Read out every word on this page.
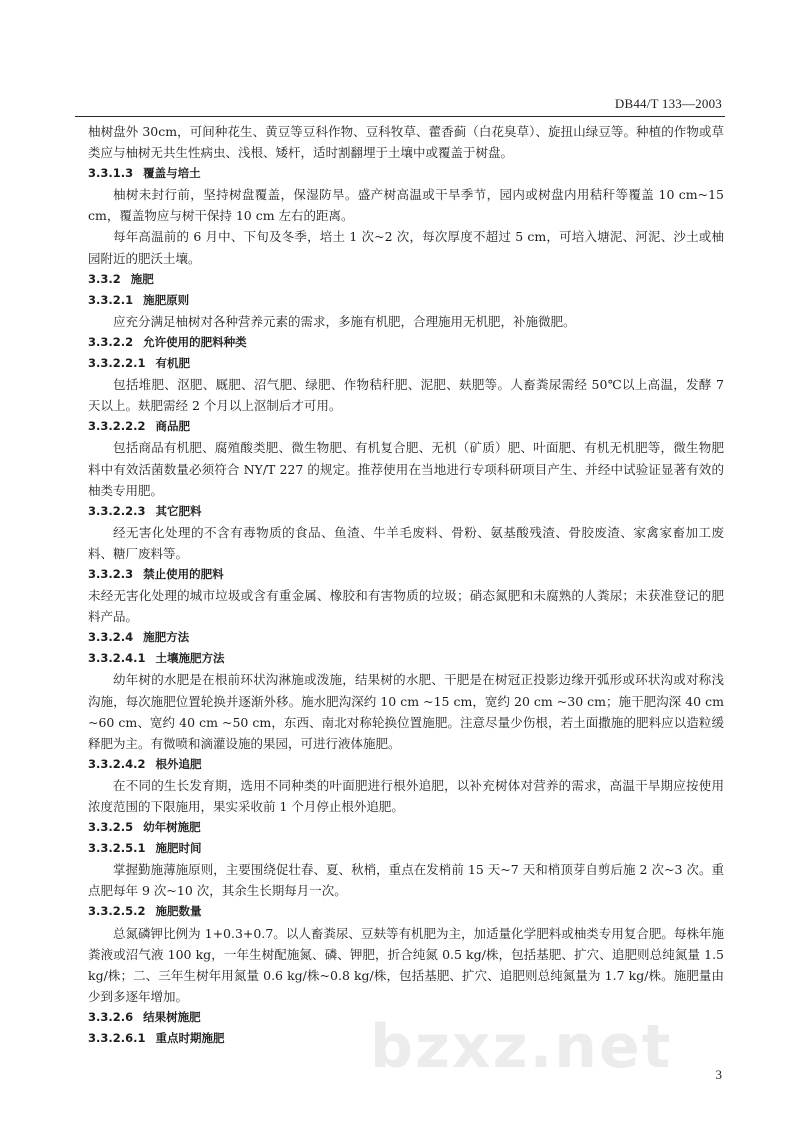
DB44/T 133—2003
柚树盘外 30cm，可间种花生、黄豆等豆科作物、豆科牧草、藿香蓟（白花臭草）、旋扭山绿豆等。种植的作物或草类应与柚树无共生性病虫、浅根、矮杆，适时割翻埋于土壤中或覆盖于树盘。
3.3.1.3 覆盖与培土
柚树未封行前，坚持树盘覆盖，保湿防旱。盛产树高温或干旱季节，园内或树盘内用秸秆等覆盖 10 cm~15 cm，覆盖物应与树干保持 10 cm 左右的距离。
每年高温前的 6 月中、下旬及冬季，培土 1 次~2 次，每次厚度不超过 5 cm，可培入塘泥、河泥、沙土或柚园附近的肥沃土壤。
3.3.2 施肥
3.3.2.1 施肥原则
应充分满足柚树对各种营养元素的需求，多施有机肥，合理施用无机肥，补施微肥。
3.3.2.2 允许使用的肥料种类
3.3.2.2.1 有机肥
包括堆肥、沤肥、厩肥、沼气肥、绿肥、作物秸秆肥、泥肥、麸肥等。人畜粪尿需经 50℃以上高温，发酵 7 天以上。麸肥需经 2 个月以上沤制后才可用。
3.3.2.2.2 商品肥
包括商品有机肥、腐殖酸类肥、微生物肥、有机复合肥、无机（矿质）肥、叶面肥、有机无机肥等，微生物肥料中有效活菌数量必须符合 NY/T 227 的规定。推荐使用在当地进行专项科研项目产生、并经中试验证显著有效的柚类专用肥。
3.3.2.2.3 其它肥料
经无害化处理的不含有毒物质的食品、鱼渣、牛羊毛废料、骨粉、氨基酸残渣、骨胶废渣、家禽家畜加工废料、糖厂废料等。
3.3.2.3 禁止使用的肥料
未经无害化处理的城市垃圾或含有重金属、橡胶和有害物质的垃圾；硝态氮肥和未腐熟的人粪尿；未获准登记的肥料产品。
3.3.2.4 施肥方法
3.3.2.4.1 土壤施肥方法
幼年树的水肥是在根前环状沟淋施或泼施，结果树的水肥、干肥是在树冠正投影边缘开弧形或环状沟或对称浅沟施，每次施肥位置轮换并逐渐外移。施水肥沟深约 10 cm ~15 cm，宽约 20 cm ~30 cm；施干肥沟深 40 cm ~60 cm、宽约 40 cm ~50 cm，东西、南北对称轮换位置施肥。注意尽量少伤根，若土面撒施的肥料应以造粒缓释肥为主。有微喷和滴灌设施的果园，可进行液体施肥。
3.3.2.4.2 根外追肥
在不同的生长发育期，选用不同种类的叶面肥进行根外追肥，以补充树体对营养的需求，高温干旱期应按使用浓度范围的下限施用，果实采收前 1 个月停止根外追肥。
3.3.2.5 幼年树施肥
3.3.2.5.1 施肥时间
掌握勤施薄施原则，主要围绕促壮春、夏、秋梢，重点在发梢前 15 天~7 天和梢顶芽自剪后施 2 次~3 次。重点肥每年 9 次~10 次，其余生长期每月一次。
3.3.2.5.2 施肥数量
总氮磷钾比例为 1+0.3+0.7。以人畜粪尿、豆麸等有机肥为主，加适量化学肥料或柚类专用复合肥。每株年施粪液或沼气液 100 kg，一年生树配施氮、磷、钾肥，折合纯氮 0.5 kg/株，包括基肥、扩穴、追肥则总纯氮量 1.5 kg/株；二、三年生树年用氮量 0.6 kg/株~0.8 kg/株，包括基肥、扩穴、追肥则总纯氮量为 1.7 kg/株。施肥量由少到多逐年增加。
3.3.2.6 结果树施肥
3.3.2.6.1 重点时期施肥	bzxz.net	3
